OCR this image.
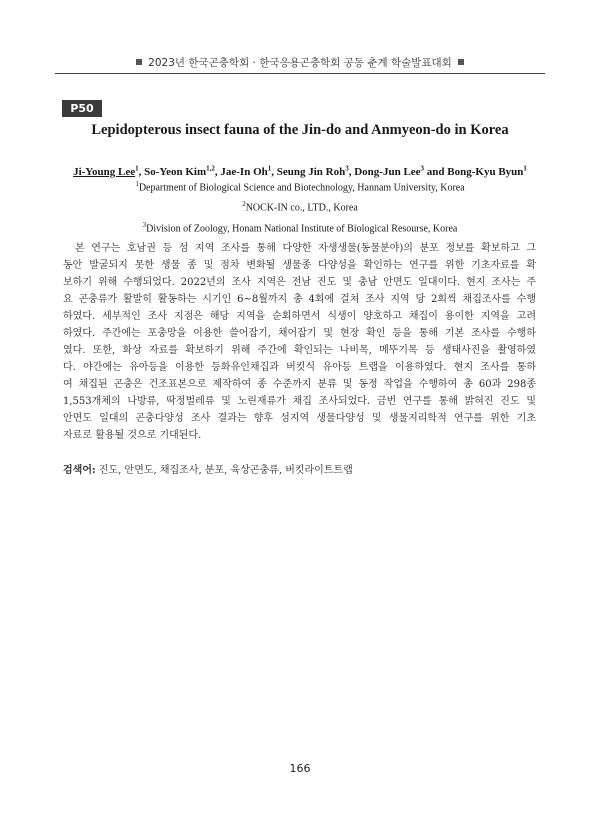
2023년 한국곤충학회 · 한국응용곤충학회 공동 춘계 학술발표대회
P50
Lepidopterous insect fauna of the Jin-do and Anmyeon-do in Korea
Ji-Young Lee$^1$, So-Yeon Kim$^{1,2}$, Jae-In Oh$^1$, Seung Jin Roh$^3$, Dong-Jun Lee$^3$ and Bong-Kyu Byun$^1$
$^1$Department of Biological Science and Biotechnology, Hannam University, Korea
$^2$NOCK-IN co., LTD., Korea
$^3$Division of Zoology, Honam National Institute of Biological Resourse, Korea
본 연구는 호남권 등 섬 지역 조사를 통해 다양한 자생생물(동물분야)의 분포 정보를 확보하고 그
동안 발굴되지 못한 생물 종 및 점차 변화될 생물종 다양성을 확인하는 연구를 위한 기초자료를 확
보하기 위해 수행되었다. 2022년의 조사 지역은 전남 진도 및 충남 안면도 일대이다. 현지 조사는 주
요 곤충류가 활발히 활동하는 시기인 6~8월까지 총 4회에 걸쳐 조사 지역 당 2회씩 채집조사를 수행
하였다. 세부적인 조사 지점은 해당 지역을 순회하면서 식생이 양호하고 채집이 용이한 지역을 고려
하였다. 주간에는 포충망을 이용한 쓸어잡기, 채어잡기 및 현장 확인 등을 통해 기본 조사를 수행하
였다. 또한, 화상 자료를 확보하기 위해 주간에 확인되는 나비목, 메뚜기목 등 생태사진을 촬영하였
다. 야간에는 유아등을 이용한 등화유인채집과 버킷식 유아등 트랩을 이용하였다. 현지 조사를 통하
여 채집된 곤충은 건조표본으로 제작하여 종 수준까지 분류 및 동정 작업을 수행하여 총 60과 298종
1,553개체의 나방류, 딱정벌레류 및 노린재류가 채집 조사되었다. 금번 연구를 통해 밝혀진 진도 및
안면도 일대의 곤충다양성 조사 결과는 향후 섬지역 생물다양성 및 생물지리학적 연구를 위한 기초
자료로 활용될 것으로 기대된다.
검색어: 진도, 안면도, 채집조사, 분포, 육상곤충류, 버킷라이트트랩
166
